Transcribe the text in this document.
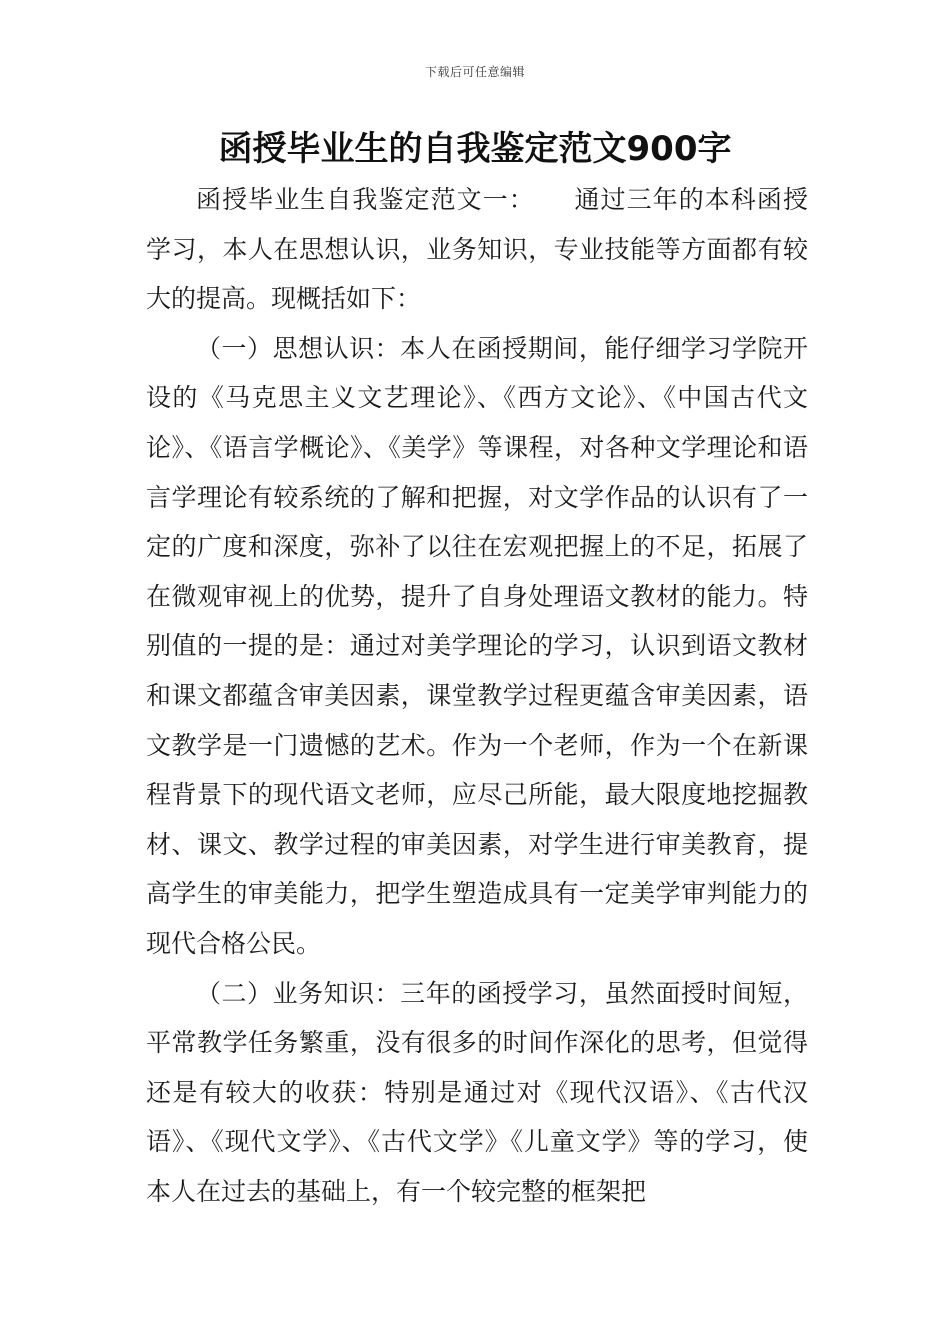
下载后可任意编辑
函授毕业生的自我鉴定范文900字

函授毕业生自我鉴定范文一：　　通过三年的本科函授学习，本人在思想认识，业务知识，专业技能等方面都有较大的提高。现概括如下：

（一）思想认识：本人在函授期间，能仔细学习学院开设的《马克思主义文艺理论》、《西方文论》、《中国古代文论》、《语言学概论》、《美学》等课程，对各种文学理论和语言学理论有较系统的了解和把握，对文学作品的认识有了一定的广度和深度，弥补了以往在宏观把握上的不足，拓展了在微观审视上的优势，提升了自身处理语文教材的能力。特别值的一提的是：通过对美学理论的学习，认识到语文教材和课文都蕴含审美因素，课堂教学过程更蕴含审美因素，语文教学是一门遗憾的艺术。作为一个老师，作为一个在新课程背景下的现代语文老师，应尽己所能，最大限度地挖掘教材、课文、教学过程的审美因素，对学生进行审美教育，提高学生的审美能力，把学生塑造成具有一定美学审判能力的现代合格公民。

（二）业务知识：三年的函授学习，虽然面授时间短，平常教学任务繁重，没有很多的时间作深化的思考，但觉得还是有较大的收获：特别是通过对《现代汉语》、《古代汉语》、《现代文学》、《古代文学》《儿童文学》等的学习，使本人在过去的基础上，有一个较完整的框架把
